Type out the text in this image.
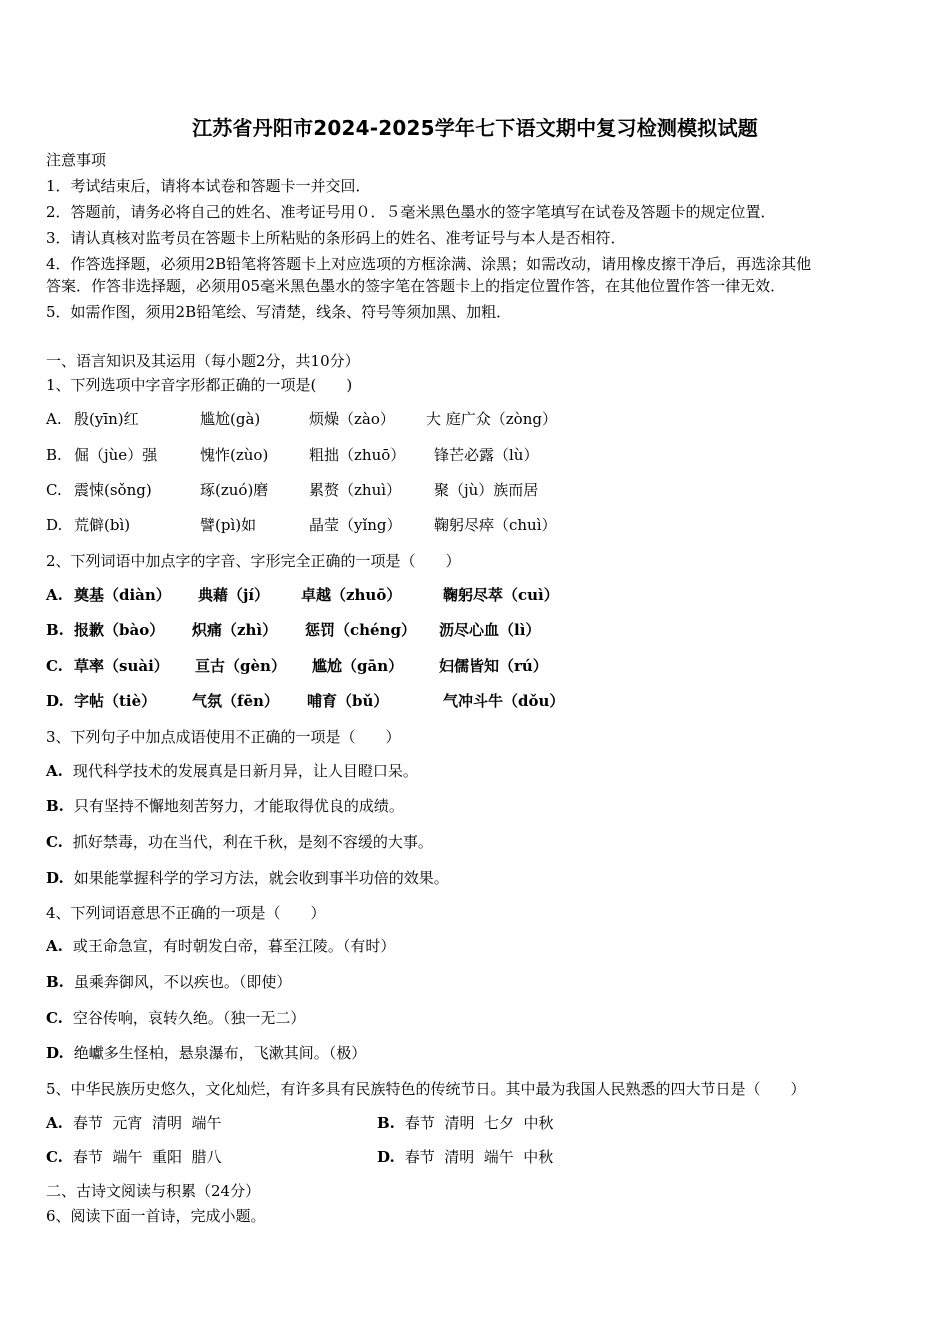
江苏省丹阳市2024-2025学年七下语文期中复习检测模拟试题
注意事项
1．考试结束后，请将本试卷和答题卡一并交回．
2．答题前，请务必将自己的姓名、准考证号用０．５毫米黑色墨水的签字笔填写在试卷及答题卡的规定位置．
3．请认真核对监考员在答题卡上所粘贴的条形码上的姓名、准考证号与本人是否相符．
4．作答选择题，必须用2B铅笔将答题卡上对应选项的方框涂满、涂黑；如需改动，请用橡皮擦干净后，再选涂其他
答案．作答非选择题，必须用05毫米黑色墨水的签字笔在答题卡上的指定位置作答，在其他位置作答一律无效．
5．如需作图，须用2B铅笔绘、写清楚，线条、符号等须加黑、加粗．
一、语言知识及其运用（每小题2分，共10分）
1、下列选项中字音字形都正确的一项是(　　)
A. 殷(yīn)红	尴尬(gà)	烦燥（zào） 大 庭广众（zòng）
B. 倔（jùe）强	愧怍(zùo)	粗拙（zhuō） 锋芒必露（lù）
C. 震悚(sǒng)	琢(zuó)磨	累赘（zhuì） 聚（jù）族而居
D. 荒僻(bì)	譬(pì)如	晶莹（yǐng） 鞠躬尽瘁（chuì）
2、下列词语中加点字的字音、字形完全正确的一项是（　　）
A. 奠基（diàn） 典藉（jí） 卓越（zhuō）	鞠躬尽萃（cuì）
B. 报歉（bào） 炽痛（zhì） 惩罚（chéng） 沥尽心血（lì）
C. 草率（suài） 亘古（gèn） 尴尬（gān） 妇儒皆知（rú）
D. 字帖（tiè） 气氛（fēn） 哺育（bǔ）	气冲斗牛（dǒu）
3、下列句子中加点成语使用不正确的一项是（　　）
A. 现代科学技术的发展真是日新月异，让人目瞪口呆。
B. 只有坚持不懈地刻苦努力，才能取得优良的成绩。
C. 抓好禁毒，功在当代，利在千秋，是刻不容缓的大事。
D. 如果能掌握科学的学习方法，就会收到事半功倍的效果。
4、下列词语意思不正确的一项是（　　）
A. 或王命急宣，有时朝发白帝，暮至江陵。（有时）
B. 虽乘奔御风，不以疾也。（即使）
C. 空谷传响，哀转久绝。（独一无二）
D. 绝巘多生怪柏，悬泉瀑布，飞漱其间。（极）
5、中华民族历史悠久，文化灿烂，有许多具有民族特色的传统节日。其中最为我国人民熟悉的四大节日是（　　）
A. 春节  元宵  清明  端午	B. 春节  清明  七夕  中秋
C. 春节  端午  重阳  腊八	D. 春节  清明  端午  中秋
二、古诗文阅读与积累（24分）
6、阅读下面一首诗，完成小题。
